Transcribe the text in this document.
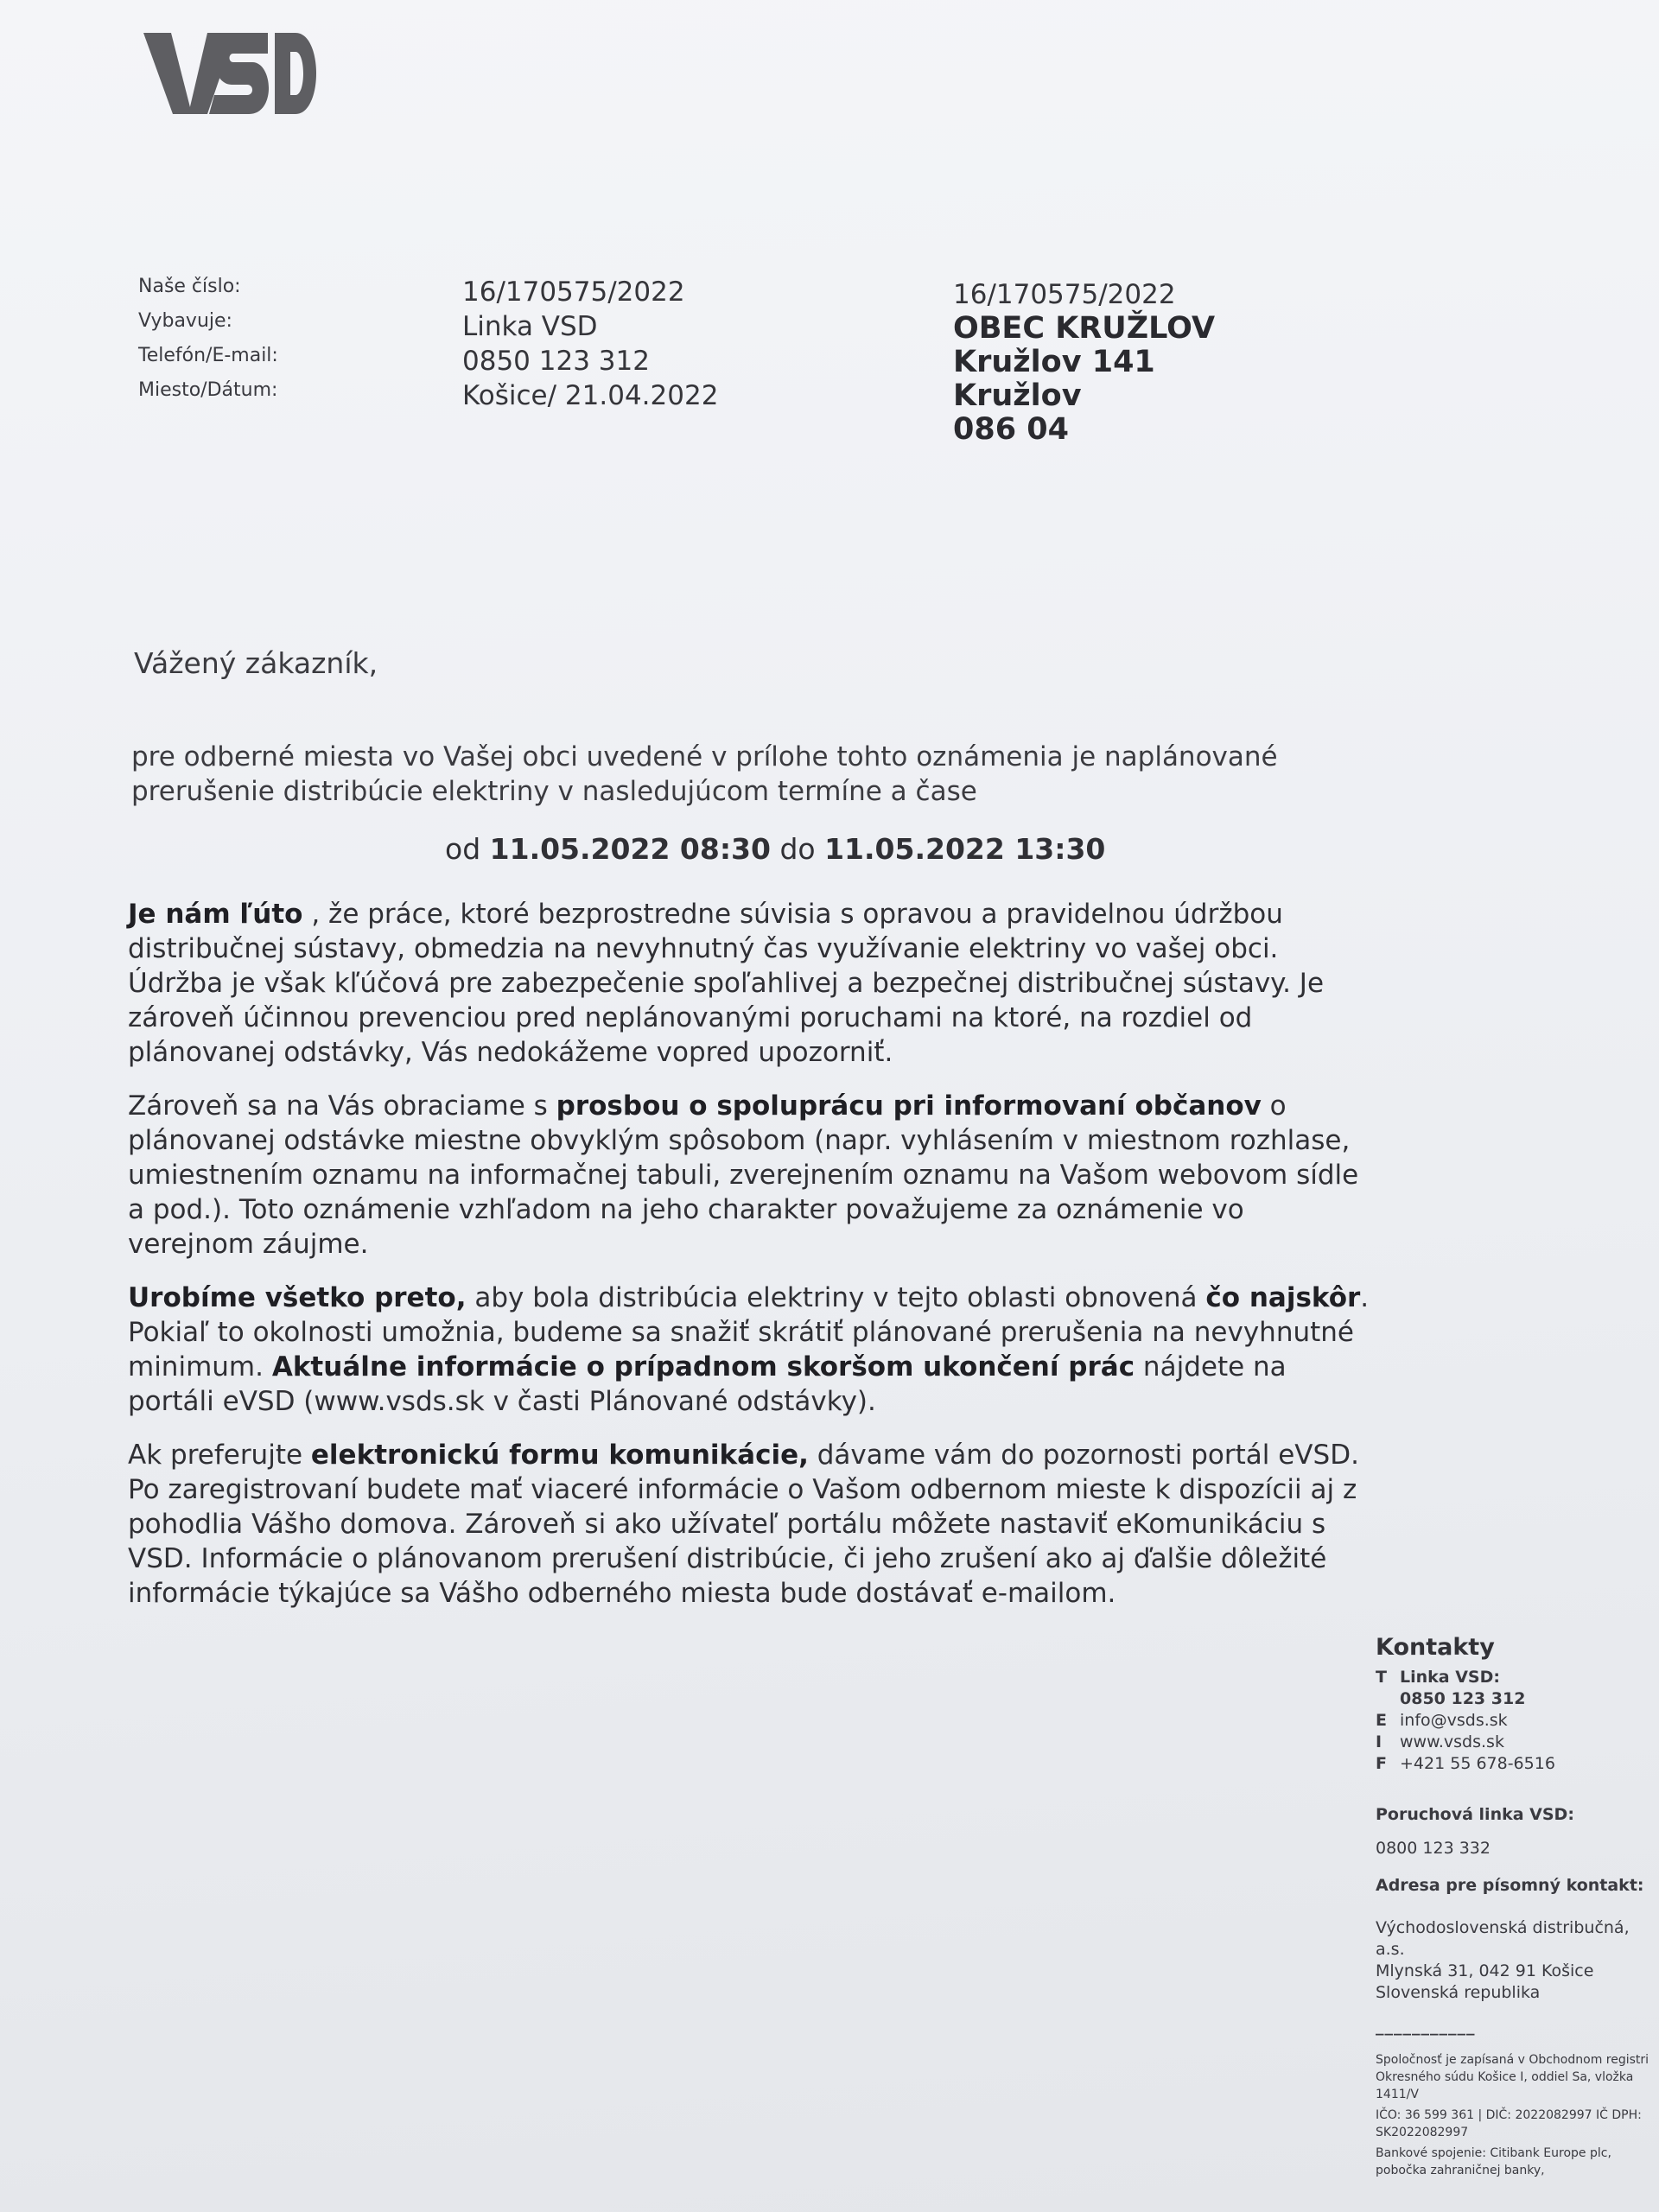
Naše číslo:
Vybavuje:
Telefón/E-mail:
Miesto/Dátum:
16/170575/2022
Linka VSD
0850 123 312
Košice/ 21.04.2022
16/170575/2022
OBEC KRUŽLOV
Kružlov 141
Kružlov
086 04
Vážený zákazník,
pre odberné miesta vo Vašej obci uvedené v prílohe tohto oznámenia je naplánované prerušenie distribúcie elektriny v nasledujúcom termíne a čase
od 11.05.2022 08:30 do 11.05.2022 13:30

Je nám ľúto , že práce, ktoré bezprostredne súvisia s opravou a pravidelnou údržbou distribučnej sústavy, obmedzia na nevyhnutný čas využívanie elektriny vo vašej obci. Údržba je však kľúčová pre zabezpečenie spoľahlivej a bezpečnej distribučnej sústavy. Je zároveň účinnou prevenciou pred neplánovanými poruchami na ktoré, na rozdiel od plánovanej odstávky, Vás nedokážeme vopred upozorniť.

Zároveň sa na Vás obraciame s prosbou o spoluprácu pri informovaní občanov o plánovanej odstávke miestne obvyklým spôsobom (napr. vyhlásením v miestnom rozhlase, umiestnením oznamu na informačnej tabuli, zverejnením oznamu na Vašom webovom sídle a pod.). Toto oznámenie vzhľadom na jeho charakter považujeme za oznámenie vo verejnom záujme.

Urobíme všetko preto, aby bola distribúcia elektriny v tejto oblasti obnovená čo najskôr. Pokiaľ to okolnosti umožnia, budeme sa snažiť skrátiť plánované prerušenia na nevyhnutné minimum. Aktuálne informácie o prípadnom skoršom ukončení prác nájdete na portáli eVSD (www.vsds.sk v časti Plánované odstávky).

Ak preferujte elektronickú formu komunikácie, dávame vám do pozornosti portál eVSD. Po zaregistrovaní budete mať viaceré informácie o Vašom odbernom mieste k dispozícii aj z pohodlia Vášho domova. Zároveň si ako užívateľ portálu môžete nastaviť eKomunikáciu s VSD. Informácie o plánovanom prerušení distribúcie, či jeho zrušení ako aj ďalšie dôležité informácie týkajúce sa Vášho odberného miesta bude dostávať e-mailom.

Kontakty
T Linka VSD:
0850 123 312
E info@vsds.sk
I	www.vsds.sk
F +421 55 678-6516
Poruchová linka VSD:
0800 123 332
Adresa pre písomný kontakt:
Východoslovenská distribučná, a.s.
Mlynská 31, 042 91 Košice
Slovenská republika
___________
Spoločnosť je zapísaná v Obchodnom registri Okresného súdu Košice I, oddiel Sa, vložka 1411/V
IČO: 36 599 361 | DIČ: 2022082997 IČ DPH: SK2022082997
Bankové spojenie: Citibank Europe plc, pobočka zahraničnej banky,
